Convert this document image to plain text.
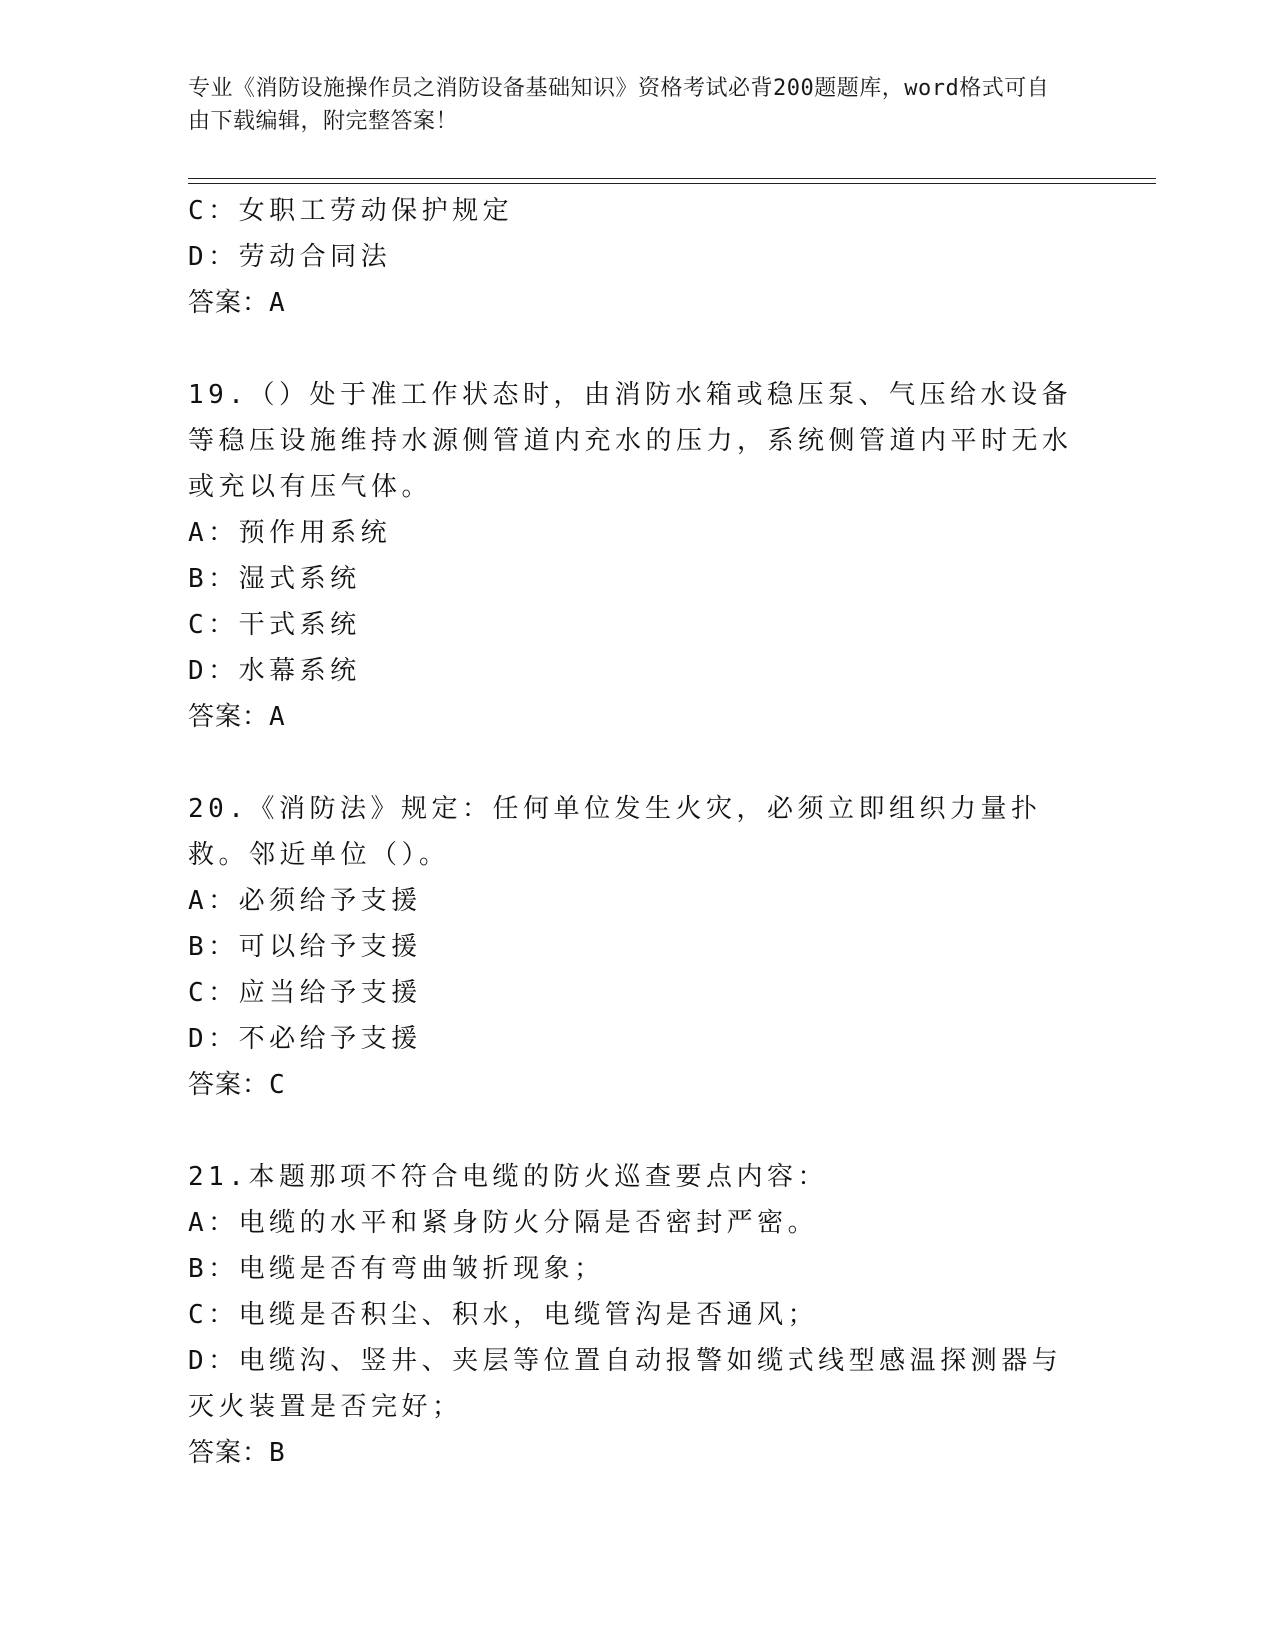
专业《消防设施操作员之消防设备基础知识》资格考试必背200题题库，word格式可自由下载编辑，附完整答案！
C：女职工劳动保护规定
D：劳动合同法
答案：A
19.（）处于准工作状态时，由消防水箱或稳压泵、气压给水设备等稳压设施维持水源侧管道内充水的压力，系统侧管道内平时无水或充以有压气体。
A：预作用系统
B：湿式系统
C：干式系统
D：水幕系统
答案：A
20.《消防法》规定：任何单位发生火灾，必须立即组织力量扑救。邻近单位（）。
A：必须给予支援
B：可以给予支援
C：应当给予支援
D：不必给予支援
答案：C
21.本题那项不符合电缆的防火巡查要点内容：
A：电缆的水平和紧身防火分隔是否密封严密。
B：电缆是否有弯曲皱折现象；
C：电缆是否积尘、积水，电缆管沟是否通风；
D：电缆沟、竖井、夹层等位置自动报警如缆式线型感温探测器与灭火装置是否完好；
答案：B
